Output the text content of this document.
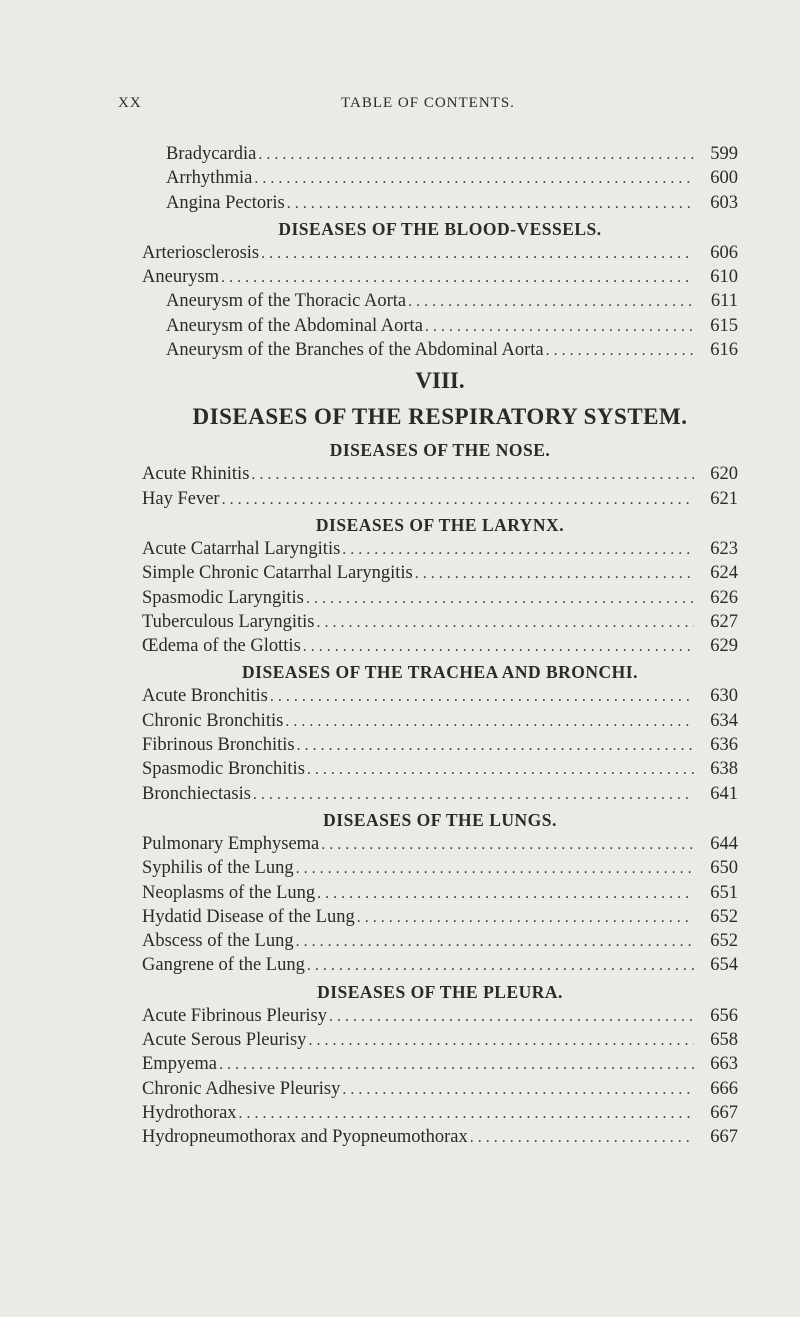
XX	TABLE OF CONTENTS.
Bradycardia . . .	599
Arrhythmia . . .	600
Angina Pectoris . . .	603
DISEASES OF THE BLOOD-VESSELS.
Arteriosclerosis . . .	606
Aneurysm . . .	610
Aneurysm of the Thoracic Aorta . . .	611
Aneurysm of the Abdominal Aorta . . .	615
Aneurysm of the Branches of the Abdominal Aorta . . .	616
VIII.
DISEASES OF THE RESPIRATORY SYSTEM.
DISEASES OF THE NOSE.
Acute Rhinitis . . .	620
Hay Fever . . .	621
DISEASES OF THE LARYNX.
Acute Catarrhal Laryngitis . . .	623
Simple Chronic Catarrhal Laryngitis . . .	624
Spasmodic Laryngitis . . .	626
Tuberculous Laryngitis . . .	627
Œdema of the Glottis . . .	629
DISEASES OF THE TRACHEA AND BRONCHI.
Acute Bronchitis . . .	630
Chronic Bronchitis . . .	634
Fibrinous Bronchitis . . .	636
Spasmodic Bronchitis . . .	638
Bronchiectasis . . .	641
DISEASES OF THE LUNGS.
Pulmonary Emphysema . . .	644
Syphilis of the Lung . . .	650
Neoplasms of the Lung . . .	651
Hydatid Disease of the Lung . . .	652
Abscess of the Lung . . .	652
Gangrene of the Lung . . .	654
DISEASES OF THE PLEURA.
Acute Fibrinous Pleurisy . . .	656
Acute Serous Pleurisy . . .	658
Empyema . . .	663
Chronic Adhesive Pleurisy . . .	666
Hydrothorax . . .	667
Hydropneumothorax and Pyopneumothorax . . .	667
